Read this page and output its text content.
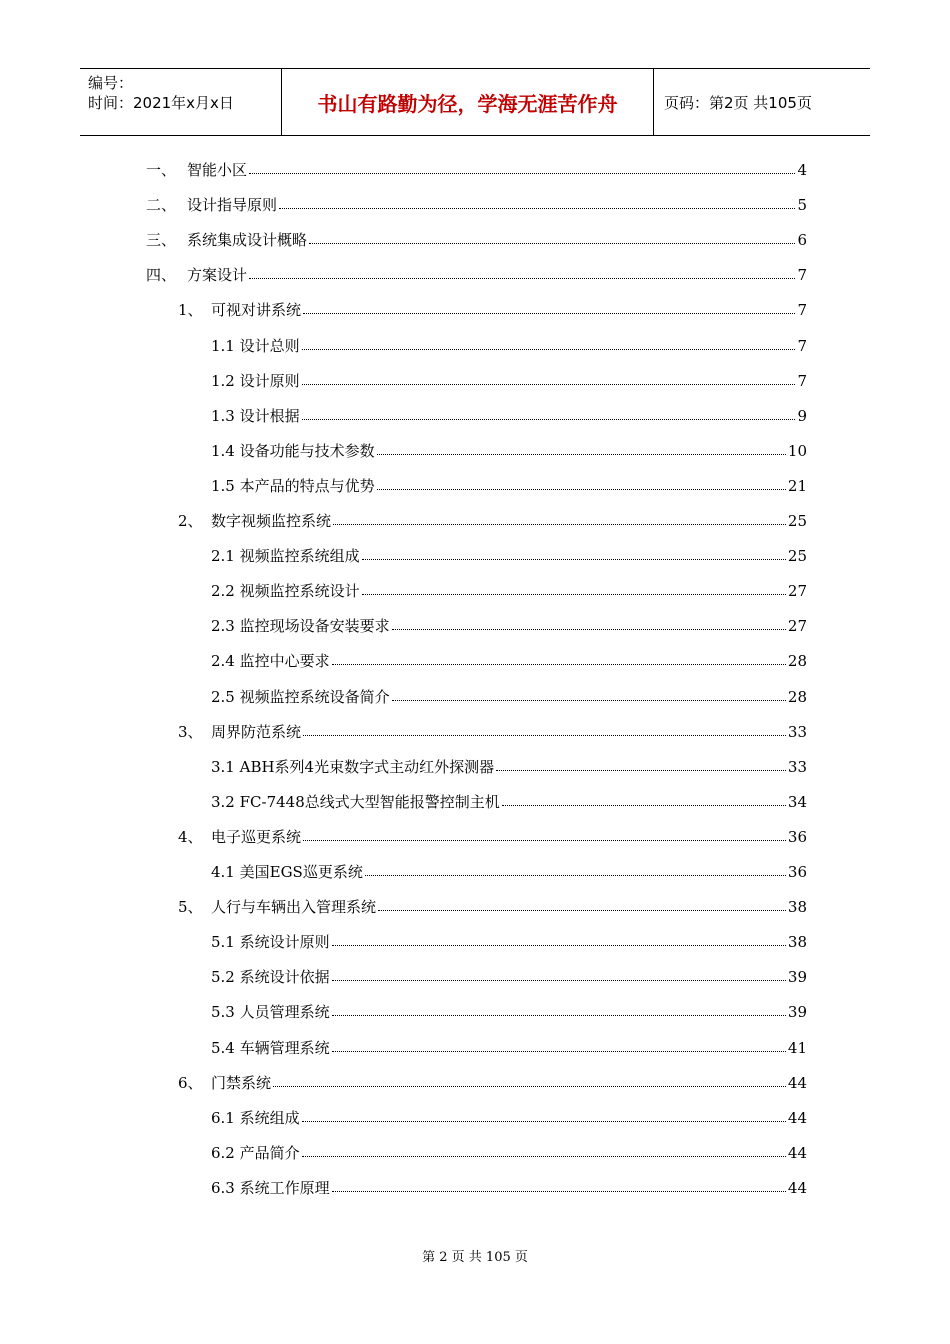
编号：
时间：2021年x月x日	书山有路勤为径，学海无涯苦作舟	页码：第2页 共105页
一、 智能小区	4
二、 设计指导原则	5
三、 系统集成设计概略	6
四、 方案设计	7
1、 可视对讲系统	7
1.1 设计总则	7
1.2 设计原则	7
1.3 设计根据	9
1.4 设备功能与技术参数	10
1.5 本产品的特点与优势	21
2、 数字视频监控系统	25
2.1 视频监控系统组成	25
2.2 视频监控系统设计	27
2.3 监控现场设备安装要求	27
2.4 监控中心要求	28
2.5 视频监控系统设备简介	28
3、 周界防范系统	33
3.1 ABH系列4光束数字式主动红外探测器	33
3.2 FC-7448总线式大型智能报警控制主机	34
4、 电子巡更系统	36
4.1 美国EGS巡更系统	36
5、 人行与车辆出入管理系统	38
5.1 系统设计原则	38
5.2 系统设计依据	39
5.3 人员管理系统	39
5.4 车辆管理系统	41
6、 门禁系统	44
6.1 系统组成	44
6.2 产品简介	44
6.3 系统工作原理	44
第 2 页 共 105 页
